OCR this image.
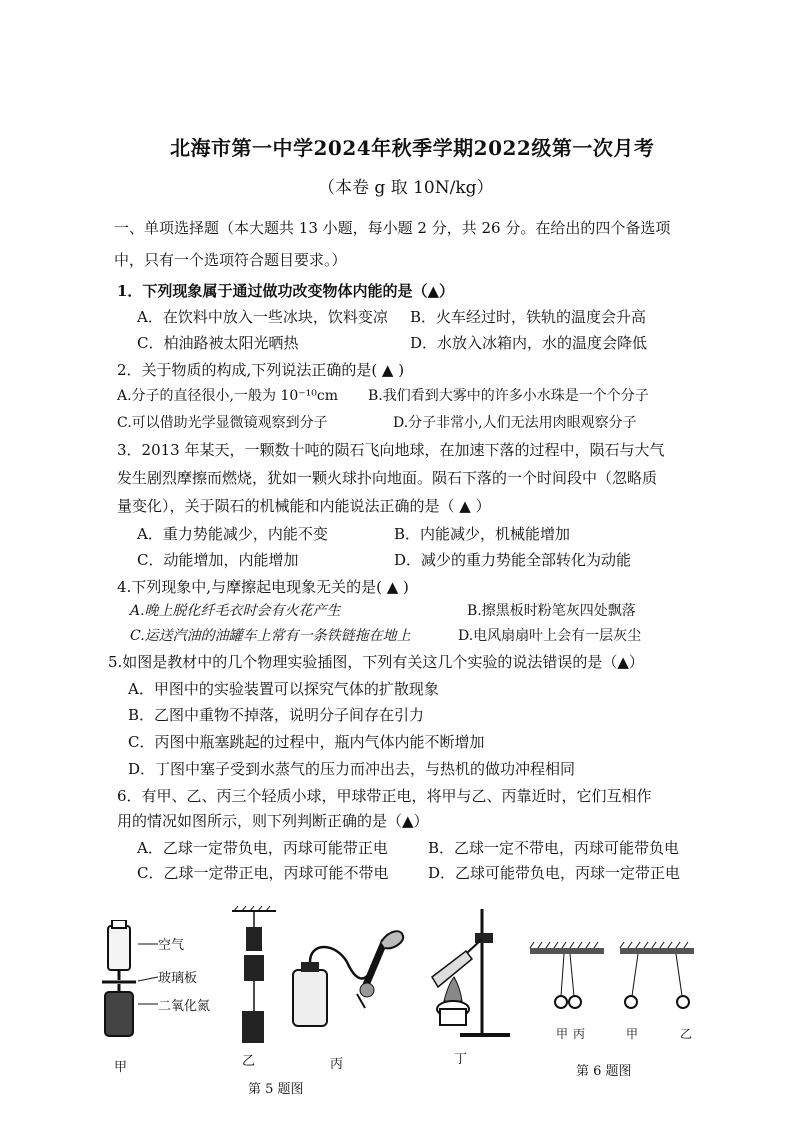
北海市第一中学2024年秋季学期2022级第一次月考
（本卷 g 取 10N/kg）
一、单项选择题（本大题共 13 小题，每小题 2 分，共 26 分。在给出的四个备选项
中，只有一个选项符合题目要求。）
1．下列现象属于通过做功改变物体内能的是（▲）
A．在饮料中放入一些冰块，饮料变凉 B．火车经过时，铁轨的温度会升高
C．柏油路被太阳光晒热	D．水放入冰箱内，水的温度会降低
2．关于物质的构成,下列说法正确的是( ▲ )
A.分子的直径很小,一般为 10⁻¹⁰cm B.我们看到大雾中的许多小水珠是一个个分子
C.可以借助光学显微镜观察到分子	D.分子非常小,人们无法用肉眼观察分子
3．2013 年某天，一颗数十吨的陨石飞向地球，在加速下落的过程中，陨石与大气
发生剧烈摩擦而燃烧，犹如一颗火球扑向地面。陨石下落的一个时间段中（忽略质
量变化），关于陨石的机械能和内能说法正确的是（ ▲ ）
A．重力势能减少，内能不变	B．内能减少，机械能增加
C．动能增加，内能增加	D．减少的重力势能全部转化为动能
4.下列现象中,与摩擦起电现象无关的是( ▲ )
A.晚上脱化纤毛衣时会有火花产生	B.擦黑板时粉笔灰四处飘落
C.运送汽油的油罐车上常有一条铁链拖在地上	D.电风扇扇叶上会有一层灰尘
5.如图是教材中的几个物理实验插图，下列有关这几个实验的说法错误的是（▲）
A．甲图中的实验装置可以探究气体的扩散现象
B．乙图中重物不掉落，说明分子间存在引力
C．丙图中瓶塞跳起的过程中，瓶内气体内能不断增加
D．丁图中塞子受到水蒸气的压力而冲出去，与热机的做功冲程相同
6．有甲、乙、丙三个轻质小球，甲球带正电，将甲与乙、丙靠近时，它们互相作
用的情况如图所示，则下列判断正确的是（▲）
A．乙球一定带负电，丙球可能带正电	B．乙球一定不带电，丙球可能带负电
C．乙球一定带正电，丙球可能不带电	D．乙球可能带负电，丙球一定带正电
空气
玻璃板
二氧化氮
甲	乙	丙	丁
第 5 题图
甲 丙	甲	乙
第 6 题图
